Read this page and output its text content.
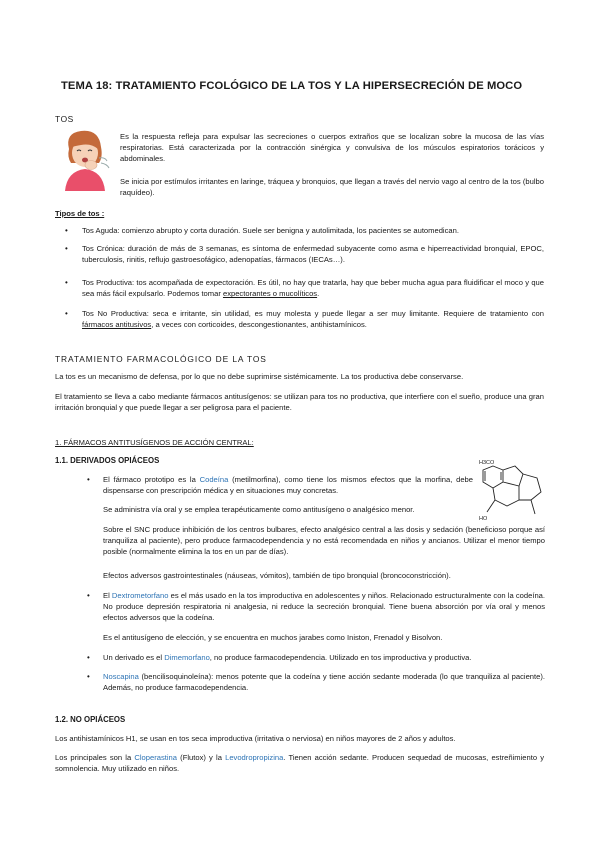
TEMA 18: TRATAMIENTO FCOLÓGICO DE LA TOS Y LA HIPERSECRECIÓN DE MOCO
TOS

Es la respuesta refleja para expulsar las secreciones o cuerpos extraños que se localizan sobre la mucosa de las vías respiratorias. Está caracterizada por la contracción sinérgica y convulsiva de los músculos espiratorios torácicos y abdominales.

Se inicia por estímulos irritantes en laringe, tráquea y bronquios, que llegan a través del nervio vago al centro de la tos (bulbo raquídeo).

Tipos de tos :
• Tos Aguda: comienzo abrupto y corta duración. Suele ser benigna y autolimitada, los pacientes se automedican.

• Tos Crónica: duración de más de 3 semanas, es síntoma de enfermedad subyacente como asma e hiperreactividad bronquial, EPOC, tuberculosis, rinitis, reflujo gastroesofágico, adenopatías, fármacos (IECAs…).

• Tos Productiva: tos acompañada de expectoración. Es útil, no hay que tratarla, hay que beber mucha agua para fluidificar el moco y que sea más fácil expulsarlo. Podemos tomar expectorantes o mucolíticos.

• Tos No Productiva: seca e irritante, sin utilidad, es muy molesta y puede llegar a ser muy limitante. Requiere de tratamiento con fármacos antitusivos, a veces con corticoides, descongestionantes, antihistamínicos.

TRATAMIENTO FARMACOLÓGICO DE LA TOS

La tos es un mecanismo de defensa, por lo que no debe suprimirse sistémicamente. La tos productiva debe conservarse.

El tratamiento se lleva a cabo mediante fármacos antitusígenos: se utilizan para tos no productiva, que interfiere con el sueño, produce una gran irritación bronquial y que puede llegar a ser peligrosa para el paciente.

1. FÁRMACOS ANTITUSÍGENOS DE ACCIÓN CENTRAL:
1.1. DERIVADOS OPIÁCEOS
• El fármaco prototipo es la Codeína (metilmorfina), como tiene los mismos efectos que la morfina, debe dispensarse con prescripción médica y en situaciones muy concretas.

Se administra vía oral y se emplea terapéuticamente como antitusígeno o analgésico menor.

Sobre el SNC produce inhibición de los centros bulbares, efecto analgésico central a las dosis y sedación (beneficioso porque así tranquiliza al paciente), pero produce farmacodependencia y no está recomendada en niños y ancianos. Utilizar el menor tiempo posible (normalmente elimina la tos en un par de días).

Efectos adversos gastrointestinales (náuseas, vómitos), también de tipo bronquial (broncoconstricción).

H3CO
HO
• El Dextrometorfano es el más usado en la tos improductiva en adolescentes y niños. Relacionado estructuralmente con la codeína. No produce depresión respiratoria ni analgesia, ni reduce la secreción bronquial. Tiene buena absorción por vía oral y menos efectos adversos que la codeína.

Es el antitusígeno de elección, y se encuentra en muchos jarabes como Iniston, Frenadol y Bisolvon.

• Un derivado es el Dimemorfano, no produce farmacodependencia. Utilizado en tos improductiva y productiva.

• Noscapina (bencilisoquinoleína): menos potente que la codeína y tiene acción sedante moderada (lo que tranquiliza al paciente). Además, no produce farmacodependencia.

1.2. NO OPIÁCEOS

Los antihistamínicos H1, se usan en tos seca improductiva (irritativa o nerviosa) en niños mayores de 2 años y adultos.

Los principales son la Cloperastina (Flutox) y la Levodropropizina. Tienen acción sedante. Producen sequedad de mucosas, estreñimiento y somnolencia. Muy utilizado en niños.
